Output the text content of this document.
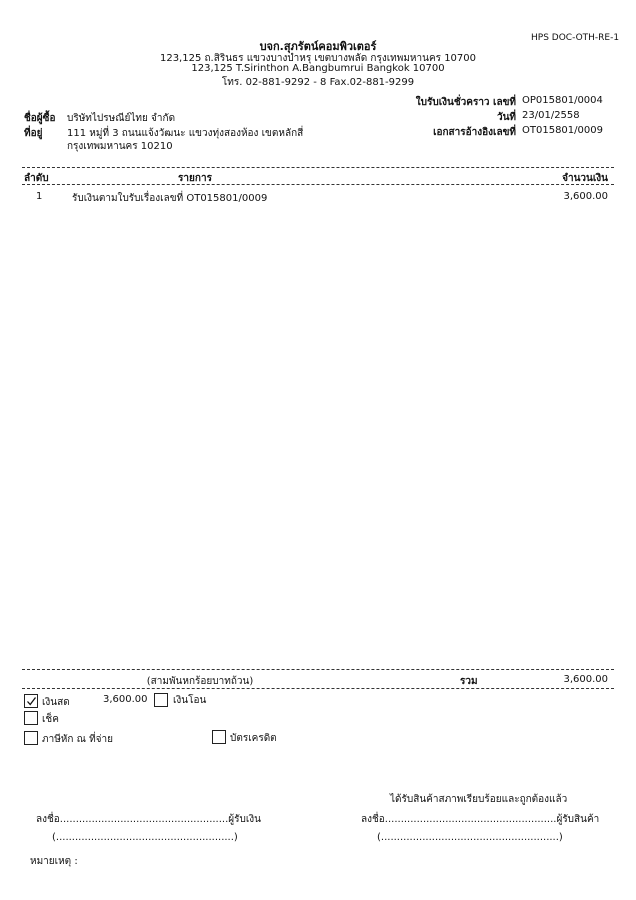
HPS DOC-OTH-RE-1
บจก.สุภรัตน์คอมพิวเตอร์
123,125 ถ.สิรินธร แขวงบางบำหรุ เขตบางพลัด กรุงเทพมหานคร 10700
123,125 T.Sirinthon A.Bangbumrui Bangkok 10700
โทร. 02-881-9292 - 8 Fax.02-881-9299
ใบรับเงินชั่วคราว เลขที่ OP015801/0004
วันที่ 23/01/2558
เอกสารอ้างอิงเลขที่ OT015801/0009
ชื่อผู้ซื้อ บริษัทไปรษณีย์ไทย จำกัด
ที่อยู่ 111 หมู่ที่ 3 ถนนแจ้งวัฒนะ แขวงทุ่งสองห้อง เขตหลักสี่
กรุงเทพมหานคร 10210
ลำดับ	รายการ	จำนวนเงิน
1	รับเงินตามใบรับเรื่องเลขที่ OT015801/0009	3,600.00
(สามพันหกร้อยบาทถ้วน)	รวม	3,600.00
เงินสด	3,600.00	เงินโอน
เช็ค
ภาษีหัก ณ ที่จ่าย	บัตรเครดิต
ได้รับสินค้าสภาพเรียบร้อยและถูกต้องแล้ว
ลงชื่อ.....................................................ผู้รับเงิน
(........................................................)
ลงชื่อ......................................................ผู้รับสินค้า
(........................................................)
หมายเหตุ :
